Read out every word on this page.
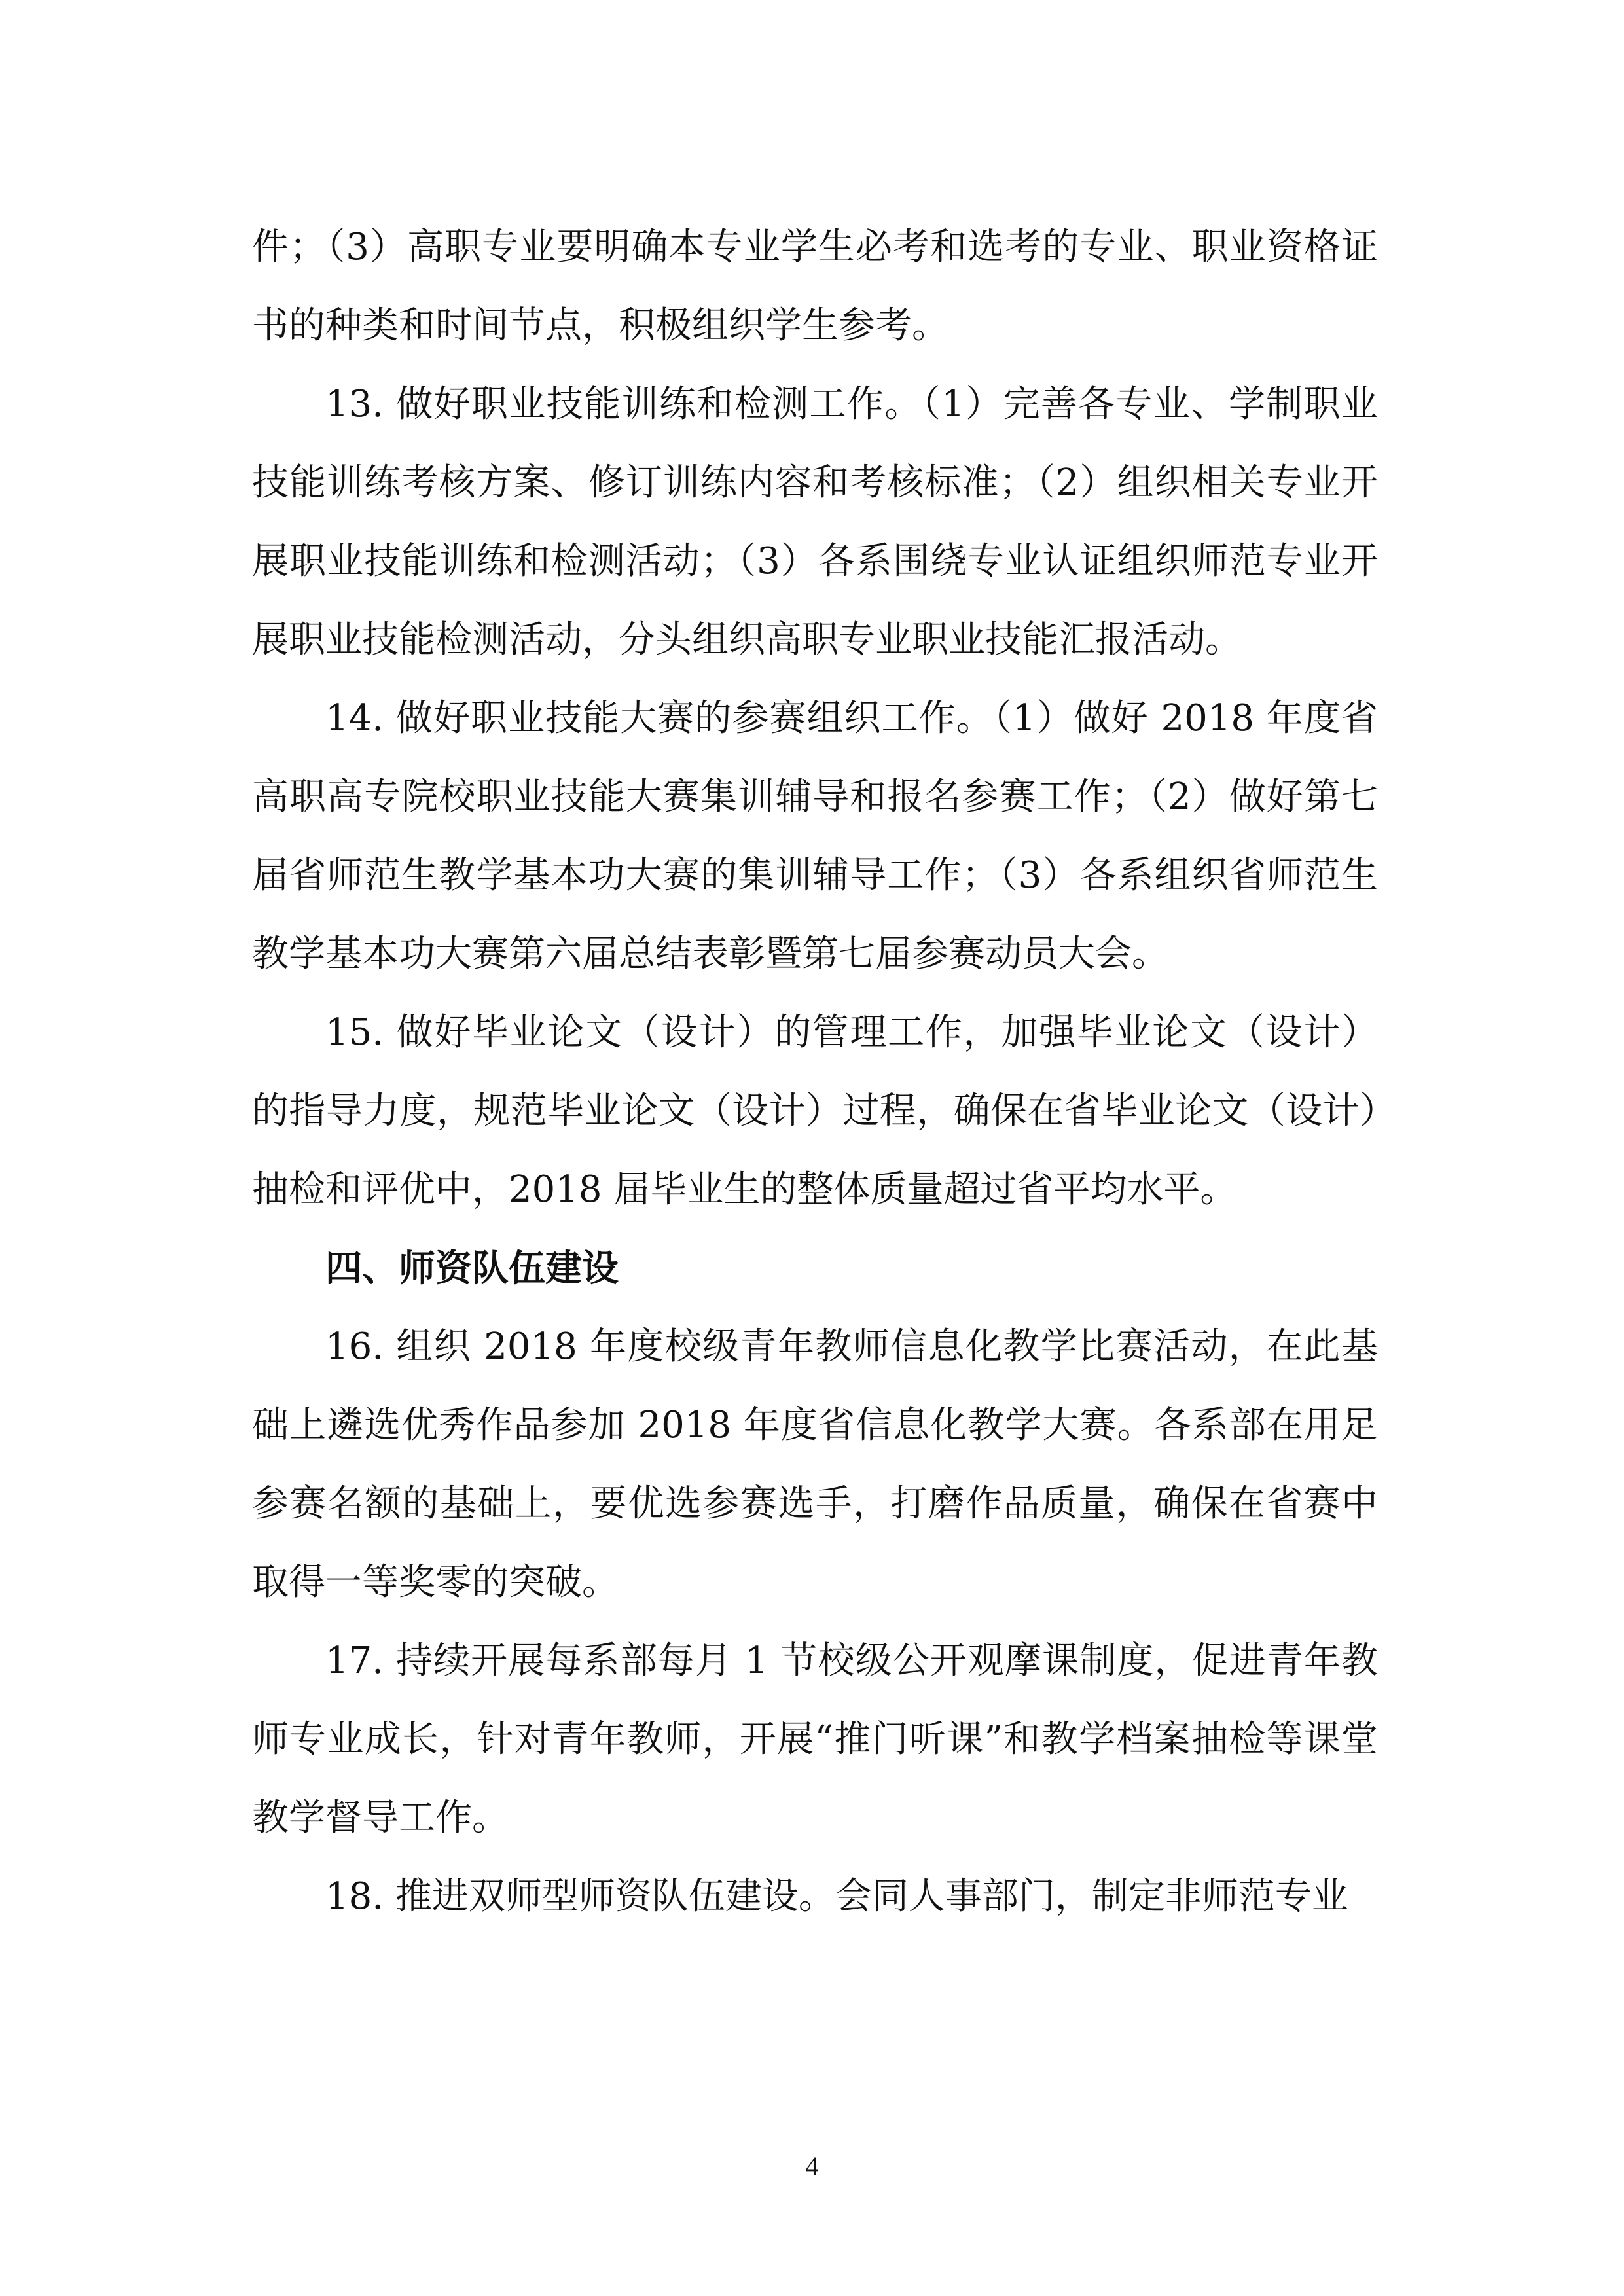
件；（3）高职专业要明确本专业学生必考和选考的专业、职业资格证书的种类和时间节点，积极组织学生参考。

13. 做好职业技能训练和检测工作。（1）完善各专业、学制职业技能训练考核方案、修订训练内容和考核标准；（2）组织相关专业开展职业技能训练和检测活动；（3）各系围绕专业认证组织师范专业开展职业技能检测活动，分头组织高职专业职业技能汇报活动。

14. 做好职业技能大赛的参赛组织工作。（1）做好 2018 年度省高职高专院校职业技能大赛集训辅导和报名参赛工作；（2）做好第七届省师范生教学基本功大赛的集训辅导工作；（3）各系组织省师范生教学基本功大赛第六届总结表彰暨第七届参赛动员大会。

15. 做好毕业论文（设计）的管理工作，加强毕业论文（设计）的指导力度，规范毕业论文（设计）过程，确保在省毕业论文（设计）抽检和评优中，2018 届毕业生的整体质量超过省平均水平。

四、师资队伍建设

16. 组织 2018 年度校级青年教师信息化教学比赛活动，在此基础上遴选优秀作品参加 2018 年度省信息化教学大赛。各系部在用足参赛名额的基础上，要优选参赛选手，打磨作品质量，确保在省赛中取得一等奖零的突破。

17. 持续开展每系部每月 1 节校级公开观摩课制度，促进青年教师专业成长，针对青年教师，开展“推门听课”和教学档案抽检等课堂教学督导工作。

18. 推进双师型师资队伍建设。会同人事部门，制定非师范专业

4
